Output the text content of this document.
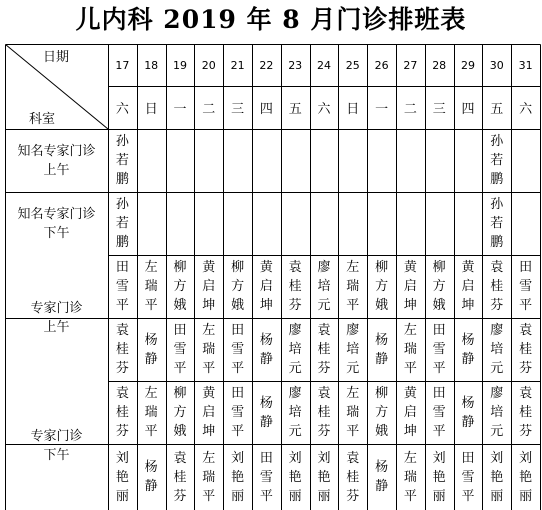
儿内科 2019 年 8 月门诊排班表
日期
科室
17
六
18
日
19
一
20
二
21
三
22
四
23
五
24
六
25
日
26
一
27
二
28
三
29
四
30
五
31
六
知名专家门诊
上午
孙若鹏
孙若鹏
知名专家门诊
下午
孙若鹏
孙若鹏
专家门诊
上午
田雪平
左瑞平
柳方娥
黄启坤
柳方娥
黄启坤
袁桂芬
廖培元
左瑞平
柳方娥
黄启坤
柳方娥
黄启坤
袁桂芬
田雪平
袁桂芬
杨静
田雪平
左瑞平
田雪平
杨静
廖培元
袁桂芬
廖培元
杨静
左瑞平
田雪平
杨静
廖培元
袁桂芬
专家门诊
下午
袁桂芬
左瑞平
柳方娥
黄启坤
田雪平
杨静
廖培元
袁桂芬
左瑞平
柳方娥
黄启坤
田雪平
杨静
廖培元
袁桂芬
刘艳丽
杨静
袁桂芬
左瑞平
刘艳丽
田雪平
刘艳丽
刘艳丽
袁桂芬
杨静
左瑞平
刘艳丽
田雪平
刘艳丽
刘艳丽
